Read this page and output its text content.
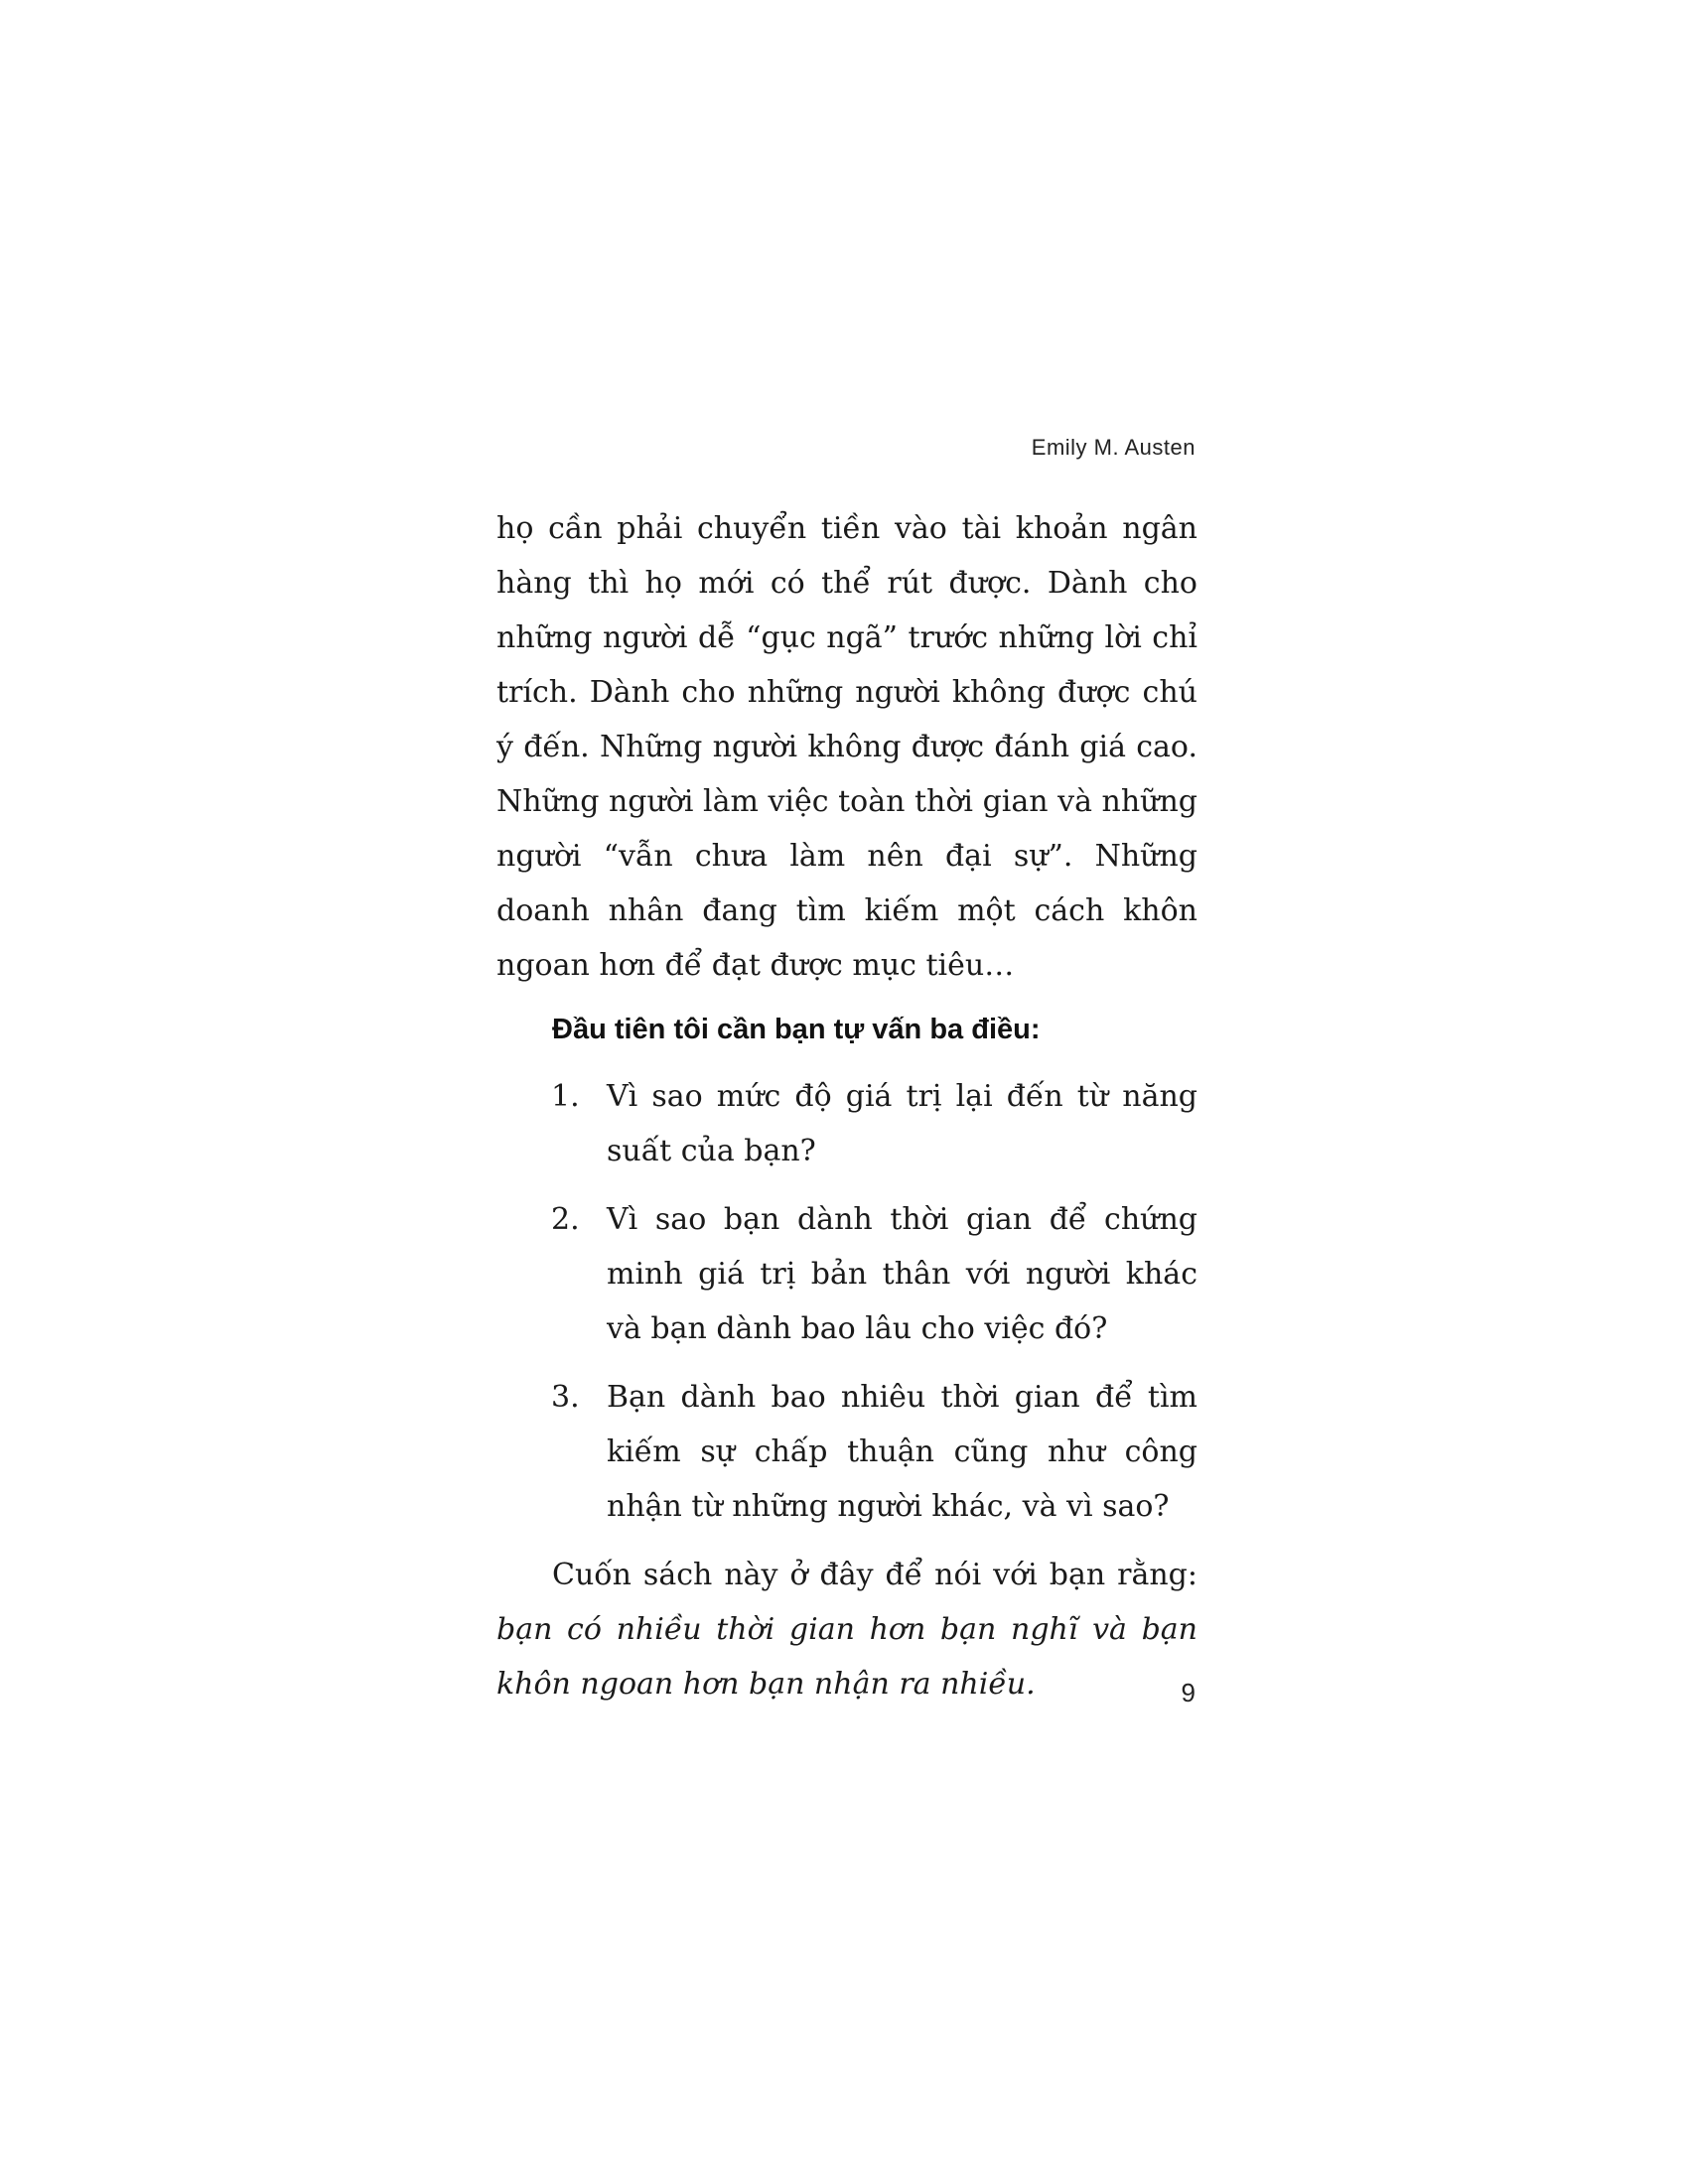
Emily M. Austen

họ cần phải chuyển tiền vào tài khoản ngân hàng thì họ mới có thể rút được. Dành cho những người dễ “gục ngã” trước những lời chỉ trích. Dành cho những người không được chú ý đến. Những người không được đánh giá cao. Những người làm việc toàn thời gian và những người “vẫn chưa làm nên đại sự”. Những doanh nhân đang tìm kiếm một cách khôn ngoan hơn để đạt được mục tiêu…

Đầu tiên tôi cần bạn tự vấn ba điều:
1. Vì sao mức độ giá trị lại đến từ năng suất của bạn?
2. Vì sao bạn dành thời gian để chứng minh giá trị bản thân với người khác và bạn dành bao lâu cho việc đó?
3. Bạn dành bao nhiêu thời gian để tìm kiếm sự chấp thuận cũng như công nhận từ những người khác, và vì sao?

Cuốn sách này ở đây để nói với bạn rằng: bạn có nhiều thời gian hơn bạn nghĩ và bạn khôn ngoan hơn bạn nhận ra nhiều.	9
